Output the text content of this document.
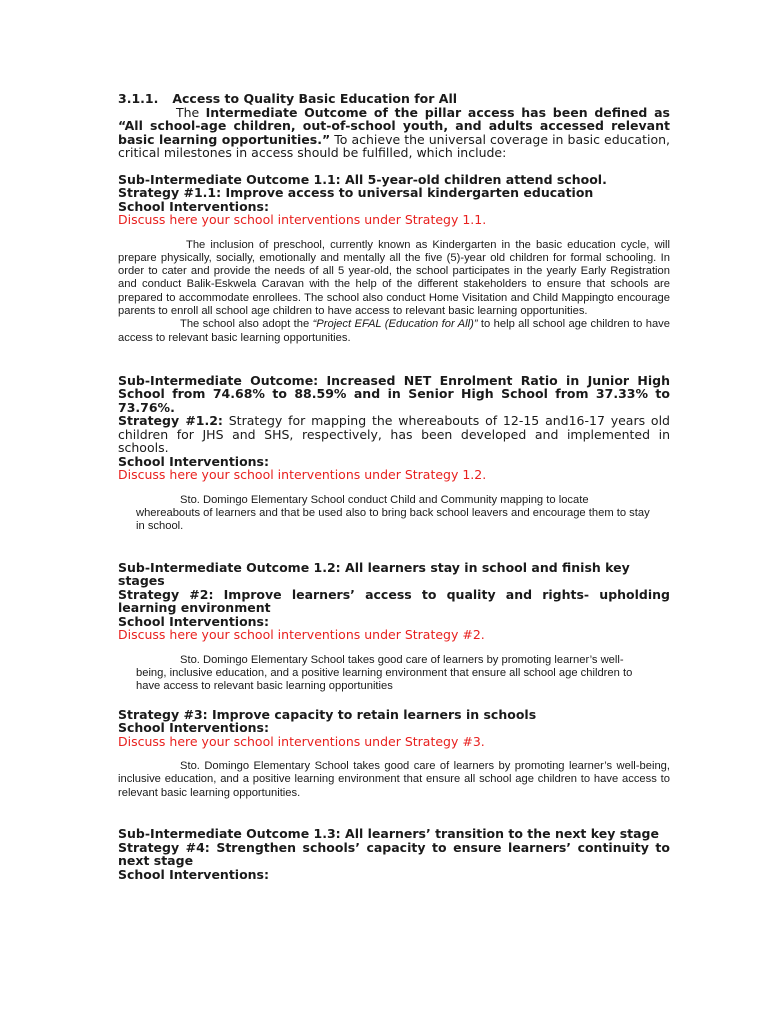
3.1.1. Access to Quality Basic Education for All

The Intermediate Outcome of the pillar access has been defined as “All school-age children, out-of-school youth, and adults accessed relevant basic learning opportunities.” To achieve the universal coverage in basic education, critical milestones in access should be fulfilled, which include:

Sub-Intermediate Outcome 1.1: All 5-year-old children attend school.

Strategy #1.1: Improve access to universal kindergarten education

School Interventions:

Discuss here your school interventions under Strategy 1.1.

The inclusion of preschool, currently known as Kindergarten in the basic education cycle, will prepare physically, socially, emotionally and mentally all the five (5)-year old children for formal schooling. In order to cater and provide the needs of all 5 year-old, the school participates in the yearly Early Registration and conduct Balik-Eskwela Caravan with the help of the different stakeholders to ensure that schools are prepared to accommodate enrollees. The school also conduct Home Visitation and Child Mappingto encourage parents to enroll all school age children to have access to relevant basic learning opportunities.

The school also adopt the “Project EFAL (Education for All)” to help all school age children to have access to relevant basic learning opportunities.

Sub-Intermediate Outcome: Increased NET Enrolment Ratio in Junior High School from 74.68% to 88.59% and in Senior High School from 37.33% to 73.76%.

Strategy #1.2: Strategy for mapping the whereabouts of 12-15 and16-17 years old children for JHS and SHS, respectively, has been developed and implemented in schools.

School Interventions:

Discuss here your school interventions under Strategy 1.2.

Sto. Domingo Elementary School conduct Child and Community mapping to locate whereabouts of learners and that be used also to bring back school leavers and encourage them to stay in school.

Sub-Intermediate Outcome 1.2: All learners stay in school and finish key stages

Strategy #2: Improve learners’ access to quality and rights- upholding learning environment

School Interventions:

Discuss here your school interventions under Strategy #2.

Sto. Domingo Elementary School takes good care of learners by promoting learner’s well-being, inclusive education, and a positive learning environment that ensure all school age children to have access to relevant basic learning opportunities

Strategy #3: Improve capacity to retain learners in schools

School Interventions:

Discuss here your school interventions under Strategy #3.

Sto. Domingo Elementary School takes good care of learners by promoting learner’s well-being, inclusive education, and a positive learning environment that ensure all school age children to have access to relevant basic learning opportunities.

Sub-Intermediate Outcome 1.3: All learners’ transition to the next key stage

Strategy #4: Strengthen schools’ capacity to ensure learners’ continuity to next stage

School Interventions:
